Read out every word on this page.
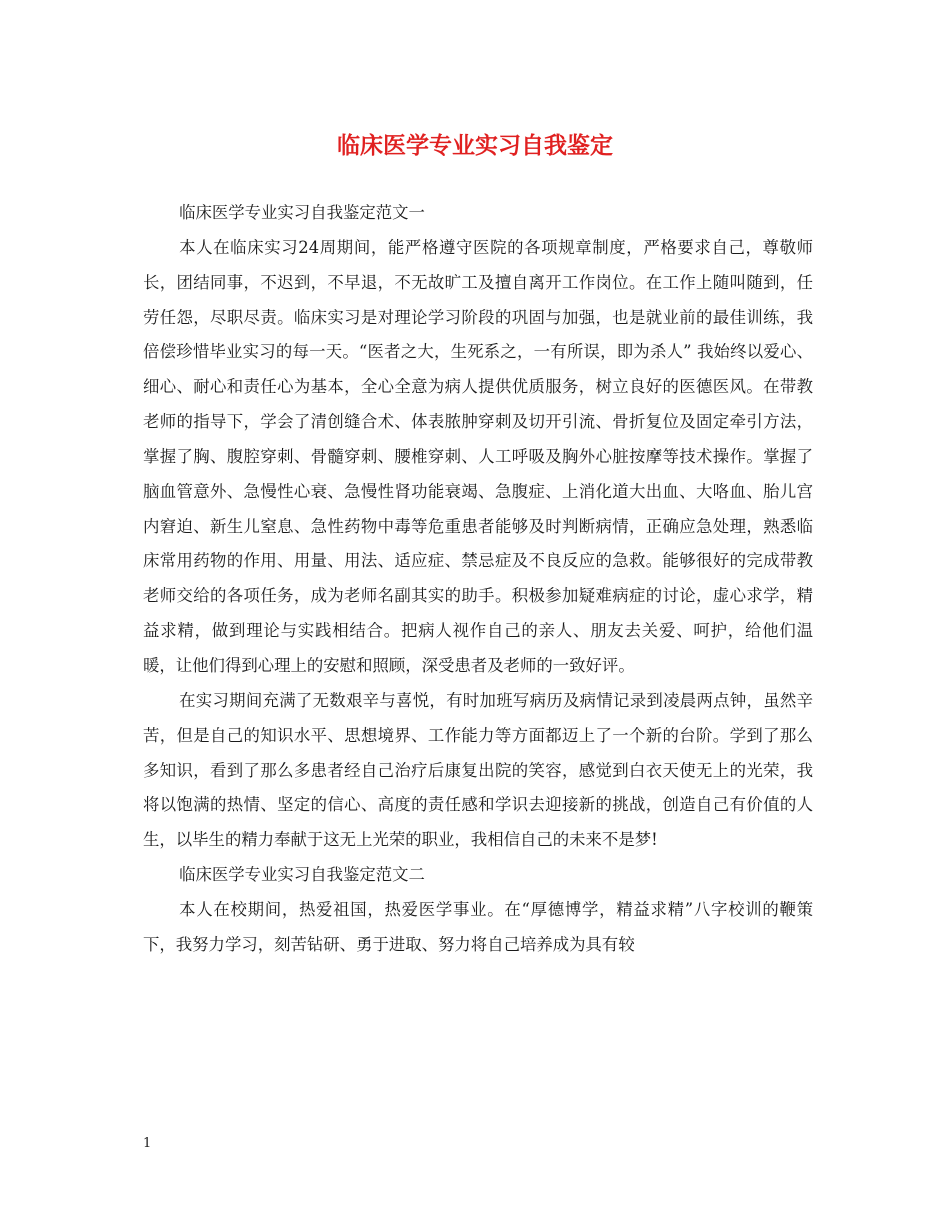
临床医学专业实习自我鉴定

临床医学专业实习自我鉴定范文一

本人在临床实习24周期间，能严格遵守医院的各项规章制度，严格要求自己，尊敬师长，团结同事，不迟到，不早退，不无故旷工及擅自离开工作岗位。在工作上随叫随到，任劳任怨，尽职尽责。临床实习是对理论学习阶段的巩固与加强，也是就业前的最佳训练，我倍偿珍惜毕业实习的每一天。“医者之大，生死系之，一有所误，即为杀人” 我始终以爱心、细心、耐心和责任心为基本，全心全意为病人提供优质服务，树立良好的医德医风。在带教老师的指导下，学会了清创缝合术、体表脓肿穿刺及切开引流、骨折复位及固定牵引方法，掌握了胸、腹腔穿刺、骨髓穿刺、腰椎穿刺、人工呼吸及胸外心脏按摩等技术操作。掌握了脑血管意外、急慢性心衰、急慢性肾功能衰竭、急腹症、上消化道大出血、大咯血、胎儿宫内窘迫、新生儿窒息、急性药物中毒等危重患者能够及时判断病情，正确应急处理，熟悉临床常用药物的作用、用量、用法、适应症、禁忌症及不良反应的急救。能够很好的完成带教老师交给的各项任务，成为老师名副其实的助手。积极参加疑难病症的讨论，虚心求学，精益求精，做到理论与实践相结合。把病人视作自己的亲人、朋友去关爱、呵护，给他们温暖，让他们得到心理上的安慰和照顾，深受患者及老师的一致好评。

在实习期间充满了无数艰辛与喜悦，有时加班写病历及病情记录到凌晨两点钟，虽然辛苦，但是自己的知识水平、思想境界、工作能力等方面都迈上了一个新的台阶。学到了那么多知识，看到了那么多患者经自己治疗后康复出院的笑容，感觉到白衣天使无上的光荣，我将以饱满的热情、坚定的信心、高度的责任感和学识去迎接新的挑战，创造自己有价值的人生，以毕生的精力奉献于这无上光荣的职业，我相信自己的未来不是梦!

临床医学专业实习自我鉴定范文二

本人在校期间，热爱祖国，热爱医学事业。在“厚德博学，精益求精”八字校训的鞭策下，我努力学习，刻苦钻研、勇于进取、努力将自己培养成为具有较

1
